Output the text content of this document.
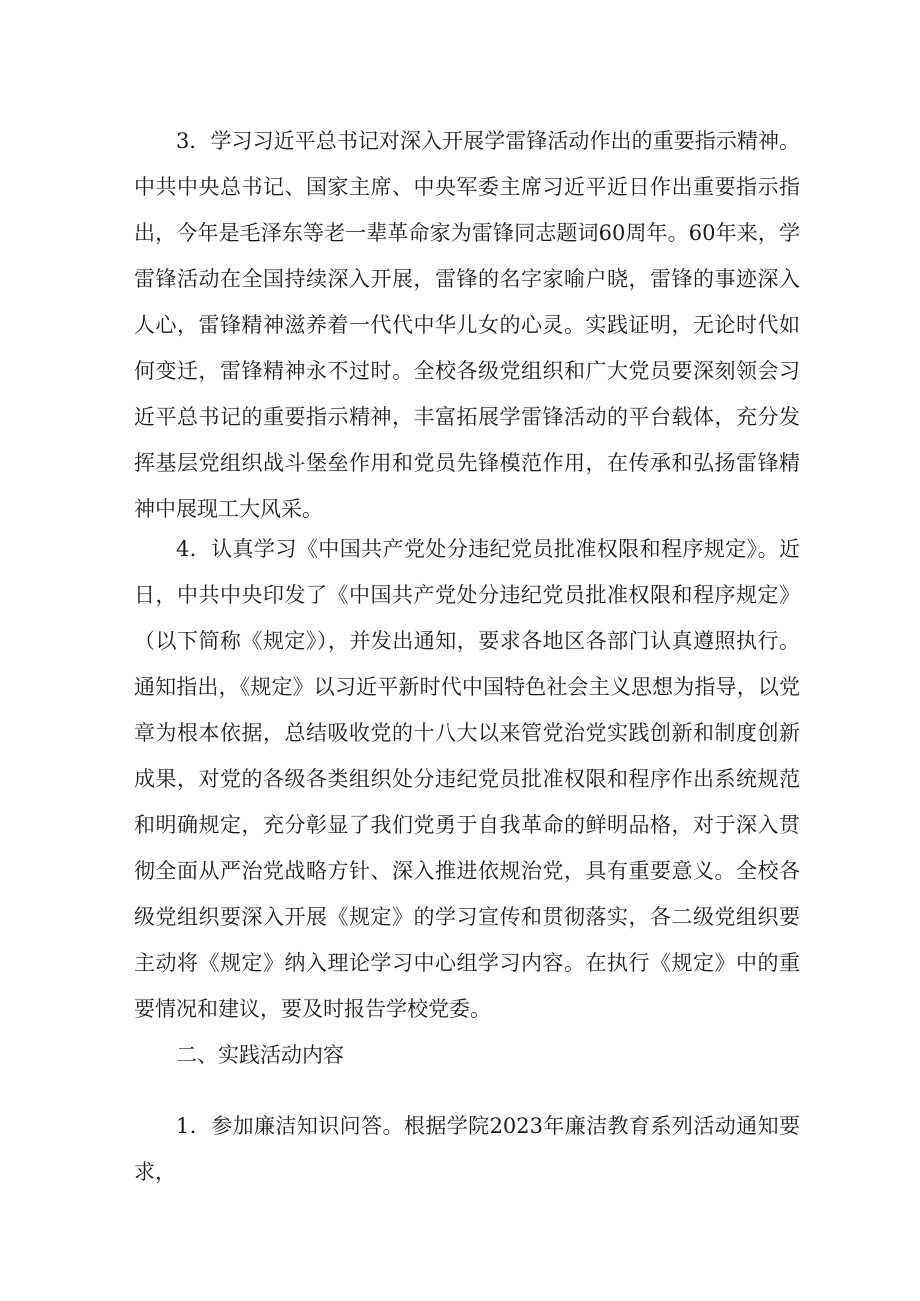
3．学习习近平总书记对深入开展学雷锋活动作出的重要指示精神。中共中央总书记、国家主席、中央军委主席习近平近日作出重要指示指出，今年是毛泽东等老一辈革命家为雷锋同志题词60周年。60年来，学雷锋活动在全国持续深入开展，雷锋的名字家喻户晓，雷锋的事迹深入人心，雷锋精神滋养着一代代中华儿女的心灵。实践证明，无论时代如何变迁，雷锋精神永不过时。全校各级党组织和广大党员要深刻领会习近平总书记的重要指示精神，丰富拓展学雷锋活动的平台载体，充分发挥基层党组织战斗堡垒作用和党员先锋模范作用，在传承和弘扬雷锋精神中展现工大风采。

4．认真学习《中国共产党处分违纪党员批准权限和程序规定》。近日，中共中央印发了《中国共产党处分违纪党员批准权限和程序规定》（以下简称《规定》），并发出通知，要求各地区各部门认真遵照执行。通知指出，《规定》以习近平新时代中国特色社会主义思想为指导，以党章为根本依据，总结吸收党的十八大以来管党治党实践创新和制度创新成果，对党的各级各类组织处分违纪党员批准权限和程序作出系统规范和明确规定，充分彰显了我们党勇于自我革命的鲜明品格，对于深入贯彻全面从严治党战略方针、深入推进依规治党，具有重要意义。全校各级党组织要深入开展《规定》的学习宣传和贯彻落实，各二级党组织要主动将《规定》纳入理论学习中心组学习内容。在执行《规定》中的重要情况和建议，要及时报告学校党委。

二、实践活动内容

1．参加廉洁知识问答。根据学院2023年廉洁教育系列活动通知要求，
